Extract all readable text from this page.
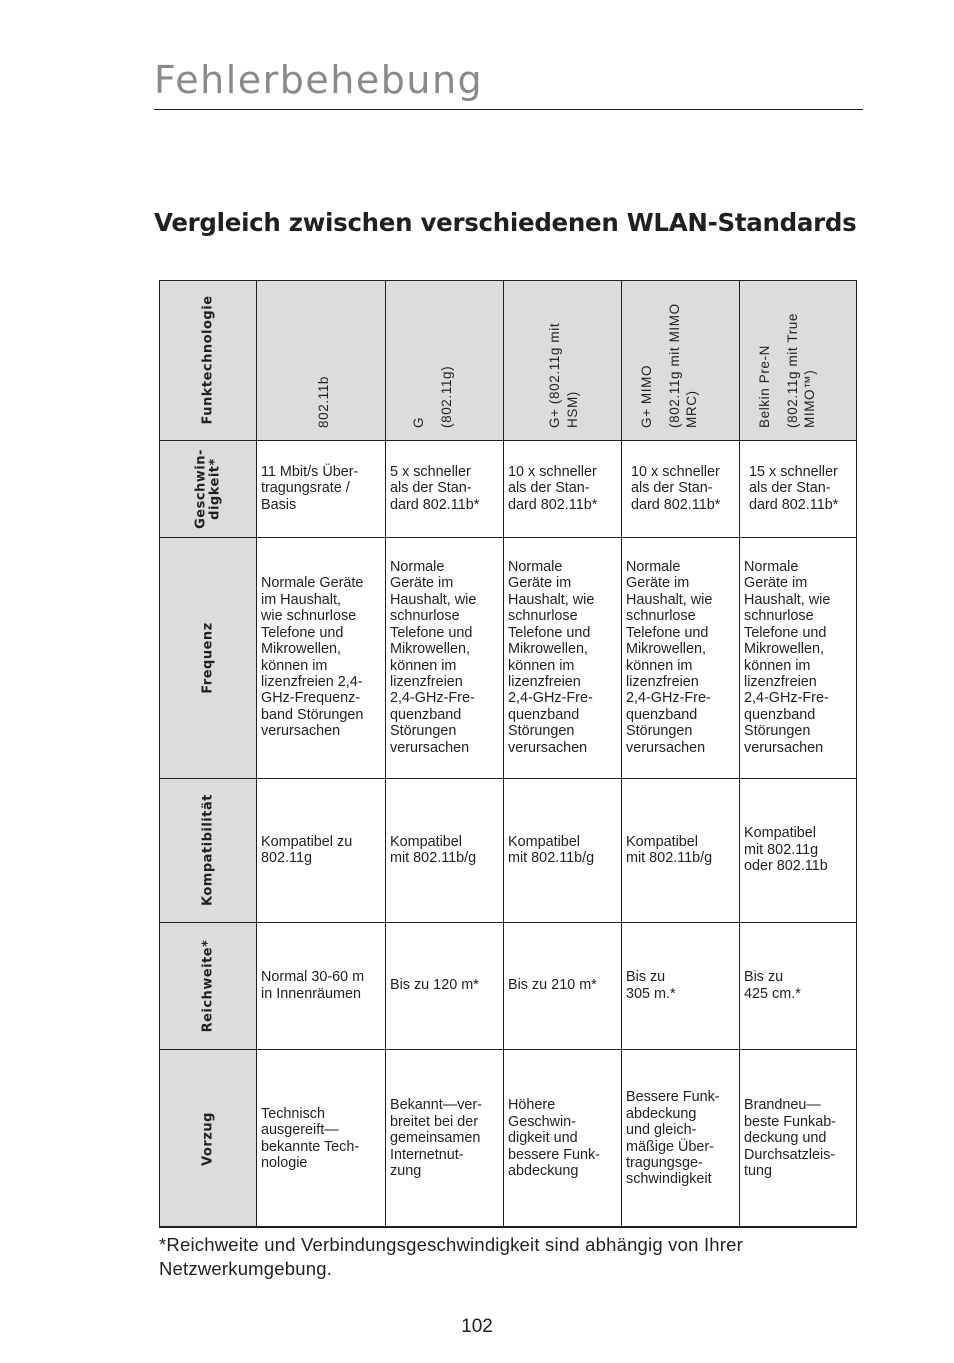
Fehlerbehebung
Vergleich zwischen verschiedenen WLAN-Standards
Funktechnologie
Geschwin-
digkeit*
Frequenz
Kompatibilität
Reichweite*
Vorzug
11 Mbit/s Über-
tragungsrate /
Basis
5 x schneller
als der Stan-
dard 802.11b*
10 x schneller
als der Stan-
dard 802.11b*
10 x schneller
als der Stan-
dard 802.11b*
15 x schneller
als der Stan-
dard 802.11b*
Normale Geräte
im Haushalt,
wie schnurlose
Telefone und
Mikrowellen,
können im
lizenzfreien 2,4-
GHz-Frequenz-
band Störungen
verursachen
Normale
Geräte im
Haushalt, wie
schnurlose
Telefone und
Mikrowellen,
können im
lizenzfreien
2,4-GHz-Fre-
quenzband
Störungen
verursachen
Normale
Geräte im
Haushalt, wie
schnurlose
Telefone und
Mikrowellen,
können im
lizenzfreien
2,4-GHz-Fre-
quenzband
Störungen
verursachen
Normale
Geräte im
Haushalt, wie
schnurlose
Telefone und
Mikrowellen,
können im
lizenzfreien
2,4-GHz-Fre-
quenzband
Störungen
verursachen
Normale
Geräte im
Haushalt, wie
schnurlose
Telefone und
Mikrowellen,
können im
lizenzfreien
2,4-GHz-Fre-
quenzband
Störungen
verursachen
Kompatibel zu
802.11g
Kompatibel
mit 802.11b/g
Kompatibel
mit 802.11b/g
Kompatibel
mit 802.11b/g
Kompatibel
mit 802.11g
oder 802.11b
Normal 30-60 m
in Innenräumen
Bis zu 120 m*	Bis zu 210 m*
Bis zu
305 m.*
Bis zu
425 cm.*
Technisch
ausgereift—
bekannte Tech-
nologie
Bekannt—ver-
breitet bei der
gemeinsamen
Internetnut-
zung
Höhere
Geschwin-
digkeit und
bessere Funk-
abdeckung
Bessere Funk-
abdeckung
und gleich-
mäßige Über-
tragungsge-
schwindigkeit
Brandneu—
beste Funkab-
deckung und
Durchsatzleis-
tung
*Reichweite und Verbindungsgeschwindigkeit sind abhängig von Ihrer Netzwerkumgebung.
102
